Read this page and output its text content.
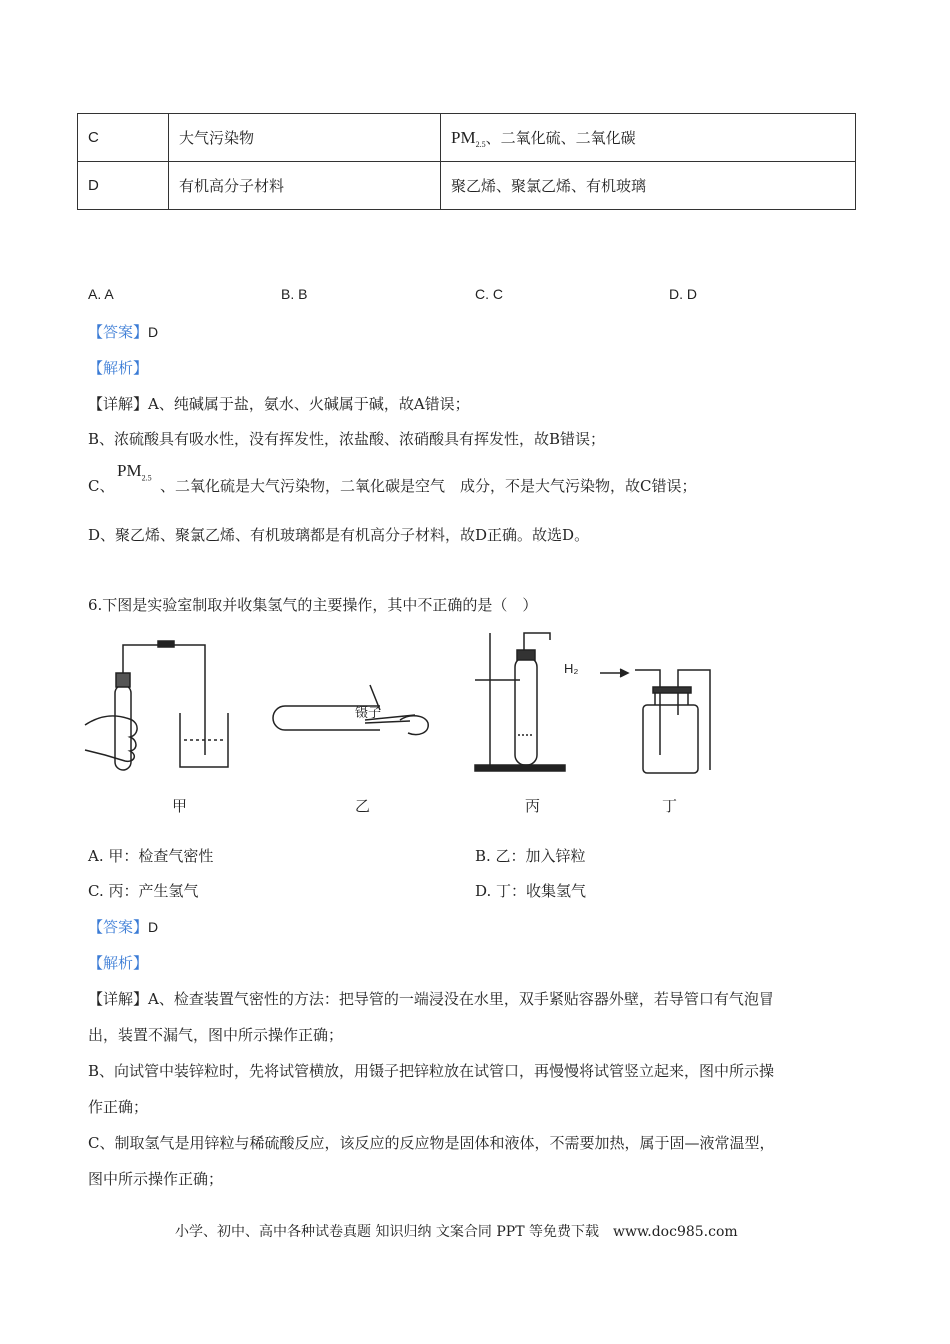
C	大气污染物	$PM_{2.5}$、二氧化硫、二氧化碳
D	有机高分子材料	聚乙烯、聚氯乙烯、有机玻璃
A. A	B. B	C. C	D. D
【答案】D
【解析】
【详解】A、纯碱属于盐，氨水、火碱属于碱，故A错误；
B、浓硫酸具有吸水性，没有挥发性，浓盐酸、浓硝酸具有挥发性，故B错误；
C、
$PM_{2.5}$ 、二氧化硫是大气污染物，二氧化碳是空气　成分，不是大气污染物，故C错误；
D、聚乙烯、聚氯乙烯、有机玻璃都是有机高分子材料，故D正确。故选D。
6.下图是实验室制取并收集氢气的主要操作，其中不正确的是（　）
H₂
镊子
甲	乙	丙	丁
A. 甲：检查气密性	B. 乙：加入锌粒
C. 丙：产生氢气	D. 丁：收集氢气
【答案】D
【解析】
【详解】A、检查装置气密性的方法：把导管的一端浸没在水里，双手紧贴容器外壁，若导管口有气泡冒
出，装置不漏气，图中所示操作正确；
B、向试管中装锌粒时，先将试管横放，用镊子把锌粒放在试管口，再慢慢将试管竖立起来，图中所示操
作正确；
C、制取氢气是用锌粒与稀硫酸反应，该反应的反应物是固体和液体，不需要加热，属于固—液常温型，
图中所示操作正确；
小学、初中、高中各种试卷真题 知识归纳 文案合同 PPT 等免费下载　www.doc985.com
